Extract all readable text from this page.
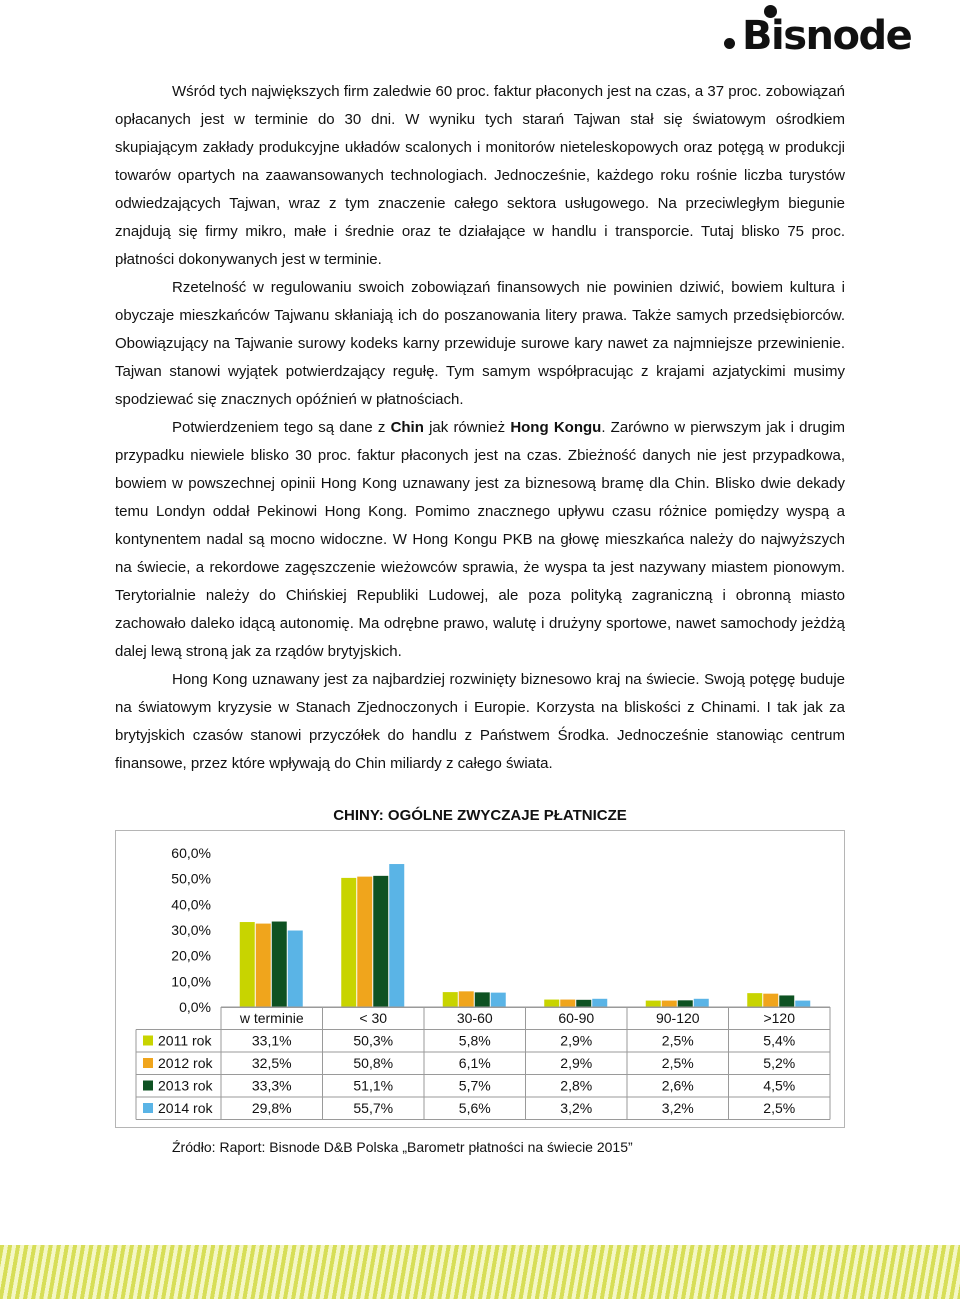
Bisnode

Wśród tych największych firm zaledwie 60 proc. faktur płaconych jest na czas, a 37 proc. zobowiązań opłacanych jest w terminie do 30 dni. W wyniku tych starań Tajwan stał się światowym ośrodkiem skupiającym zakłady produkcyjne układów scalonych i monitorów nieteleskopowych oraz potęgą w produkcji towarów opartych na zaawansowanych technologiach. Jednocześnie, każdego roku rośnie liczba turystów odwiedzających Tajwan, wraz z tym znaczenie całego sektora usługowego. Na przeciwległym biegunie znajdują się firmy mikro, małe i średnie oraz te działające w handlu i transporcie. Tutaj blisko 75 proc. płatności dokonywanych jest w terminie.

Rzetelność w regulowaniu swoich zobowiązań finansowych nie powinien dziwić, bowiem kultura i obyczaje mieszkańców Tajwanu skłaniają ich do poszanowania litery prawa. Także samych przedsiębiorców. Obowiązujący na Tajwanie surowy kodeks karny przewiduje surowe kary nawet za najmniejsze przewinienie. Tajwan stanowi wyjątek potwierdzający regułę. Tym samym współpracując z krajami azjatyckimi musimy spodziewać się znacznych opóźnień w płatnościach.

Potwierdzeniem tego są dane z Chin jak również Hong Kongu. Zarówno w pierwszym jak i drugim przypadku niewiele blisko 30 proc. faktur płaconych jest na czas. Zbieżność danych nie jest przypadkowa, bowiem w powszechnej opinii Hong Kong uznawany jest za biznesową bramę dla Chin. Blisko dwie dekady temu Londyn oddał Pekinowi Hong Kong. Pomimo znacznego upływu czasu różnice pomiędzy wyspą a kontynentem nadal są mocno widoczne. W Hong Kongu PKB na głowę mieszkańca należy do najwyższych na świecie, a rekordowe zagęszczenie wieżowców sprawia, że wyspa ta jest nazywany miastem pionowym. Terytorialnie należy do Chińskiej Republiki Ludowej, ale poza polityką zagraniczną i obronną miasto zachowało daleko idącą autonomię. Ma odrębne prawo, walutę i drużyny sportowe, nawet samochody jeżdżą dalej lewą stroną jak za rządów brytyjskich.

Hong Kong uznawany jest za najbardziej rozwinięty biznesowo kraj na świecie. Swoją potęgę buduje na światowym kryzysie w Stanach Zjednoczonych i Europie. Korzysta na bliskości z Chinami. I tak jak za brytyjskich czasów stanowi przyczółek do handlu z Państwem Środka. Jednocześnie stanowiąc centrum finansowe, przez które wpływają do Chin miliardy z całego świata.

CHINY: OGÓLNE ZWYCZAJE PŁATNICZE
0,0%
10,0%
20,0%
30,0%
40,0%
50,0%
60,0%
w terminie	< 30	30-60	60-90	90-120	>120
2011 rok	33,1%	50,3%	5,8%	2,9%	2,5%	5,4%
2012 rok	32,5%	50,8%	6,1%	2,9%	2,5%	5,2%
2013 rok	33,3%	51,1%	5,7%	2,8%	2,6%	4,5%
2014 rok	29,8%	55,7%	5,6%	3,2%	3,2%	2,5%
Źródło: Raport: Bisnode D&B Polska „Barometr płatności na świecie 2015”
